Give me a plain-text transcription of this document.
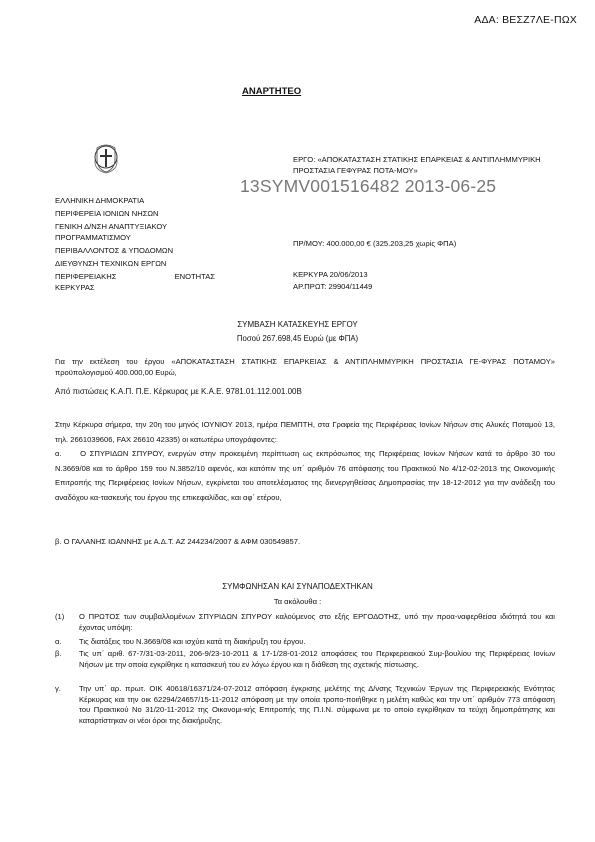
ΑΔΑ: ΒΕΣΖ7ΛΕ-ΠΩΧ
ΑΝΑΡΤΗΤΕΟ
ΕΛΛΗΝΙΚΗ ΔΗΜΟΚΡΑΤΙΑ
ΠΕΡΙΦΕΡΕΙΑ ΙΟΝΙΩΝ ΝΗΣΩΝ
ΓΕΝΙΚΗ Δ/ΝΣΗ ΑΝΑΠΤΥΞΙΑΚΟΥ ΠΡΟΓΡΑΜΜΑΤΙΣΜΟΥ
ΠΕΡΙΒΑΛΛΟΝΤΟΣ & ΥΠΟΔΟΜΩΝ
ΔΙΕΥΘΥΝΣΗ ΤΕΧΝΙΚΩΝ ΕΡΓΩΝ
ΠΕΡΙΦΕΡΕΙΑΚΗΣ	ΕΝΟΤΗΤΑΣ
ΚΕΡΚΥΡΑΣ
ΕΡΓΟ: «ΑΠΟΚΑΤΑΣΤΑΣΗ ΣΤΑΤΙΚΗΣ ΕΠΑΡΚΕΙΑΣ & ΑΝΤΙΠΛΗΜΜΥΡΙΚΗ ΠΡΟΣΤΑΣΙΑ ΓΕΦΥΡΑΣ ΠΟΤΑ-ΜΟΥ»
13SYMV001516482 2013-06-25
ΠΡ/ΜΟΥ: 400.000,00 € (325.203,25 χωρίς ΦΠΑ)
ΚΕΡΚΥΡΑ 20/06/2013
ΑΡ.ΠΡΩΤ: 29904/11449
ΣΥΜΒΑΣΗ ΚΑΤΑΣΚΕΥΗΣ ΕΡΓΟΥ
Ποσού 267.698,45 Ευρώ (με ΦΠΑ)
Για την εκτέλεση του έργου «ΑΠΟΚΑΤΑΣΤΑΣΗ ΣΤΑΤΙΚΗΣ ΕΠΑΡΚΕΙΑΣ & ΑΝΤΙΠΛΗΜΜΥΡΙΚΗ ΠΡΟΣΤΑΣΙΑ ΓΕ-ΦΥΡΑΣ ΠΟΤΑΜΟΥ» προϋπολογισμού 400.000,00 Ευρώ,
Από πιστώσεις Κ.Α.Π. Π.Ε. Κέρκυρας με Κ.Α.Ε. 9781.01.112.001.00Β
Στην Κέρκυρα σήμερα, την 20η του μηνός ΙΟΥΝΙΟΥ 2013, ημέρα ΠΕΜΠΤΗ, στα Γραφεία της Περιφέρειας Ιονίων Νήσων στις Αλυκές Ποταμού 13, τηλ. 2661039606, FAX 26610 42335) οι κατωτέρω υπογράφοντες:
α. Ο ΣΠΥΡΙΔΩΝ ΣΠΥΡΟΥ, ενεργών στην προκειμένη περίπτωση ως εκπρόσωπος της Περιφέρειας Ιονίων Νήσων κατά το άρθρο 30 του Ν.3669/08 και το άρθρο 159 του Ν.3852/10 αφενός, και κατόπιν της υπ΄ αριθμόν 76 απόφασης του Πρακτικού Νο 4/12-02-2013 της Οικονομικής Επιτροπής της Περιφέρειας Ιονίων Νήσων, εγκρίνεται του αποτελέσματος της διενεργηθείσας Δημοπρασίας την 18-12-2012 για την ανάδειξη του αναδόχου κα-τασκευής του έργου της επικεφαλίδας, και αφ΄ ετέρου,
β. Ο ΓΑΛΑΝΗΣ ΙΩΑΝΝΗΣ με Α.Δ.Τ. ΑΖ 244234/2007 & ΑΦΜ 030549857.
ΣΥΜΦΩΝΗΣΑΝ ΚΑΙ ΣΥΝΑΠΟΔΕΧΤΗΚΑΝ
Τα ακόλουθα :
(1)	Ο ΠΡΩΤΟΣ των συμβαλλομένων ΣΠΥΡΙΔΩΝ ΣΠΥΡΟΥ καλούμενος στο εξής ΕΡΓΟΔΟΤΗΣ, υπό την προα-ναφερθείσα ιδιότητά του και έχοντας υπόψη:
α.	Τις διατάξεις του Ν.3669/08 και ισχύει κατά τη διακήρυξη του έργου.
β.	Τις υπ΄ αριθ. 67-7/31-03-2011, 206-9/23-10-2011 & 17-1/28-01-2012 αποφάσεις του Περιφερειακού Συμ-βουλίου της Περιφέρειας Ιονίων Νήσων με την οποία εγκρίθηκε η κατασκευή του εν λόγω έργου και η διάθεση της σχετικής πίστωσης.
γ.	Την υπ΄ αρ. πρωτ. ΟΙΚ 40618/16371/24-07-2012 απόφαση έγκρισης μελέτης της Δ/νσης Τεχνικών Έργων της Περιφερειακής Ενότητας Κέρκυρας και την οικ 62294/24657/15-11-2012 απόφαση με την οποία τροπο-ποιήθηκε η μελέτη καθώς και την υπ΄ αριθμόν 773 απόφαση του Πρακτικού Νο 31/20-11-2012 της Οικονομι-κής Επιτροπής της Π.Ι.Ν. σύμφωνα με το οποίο εγκρίθηκαν τα τεύχη δημοπράτησης και καταρτίστηκαν οι νέοι όροι της διακήρυξης.
